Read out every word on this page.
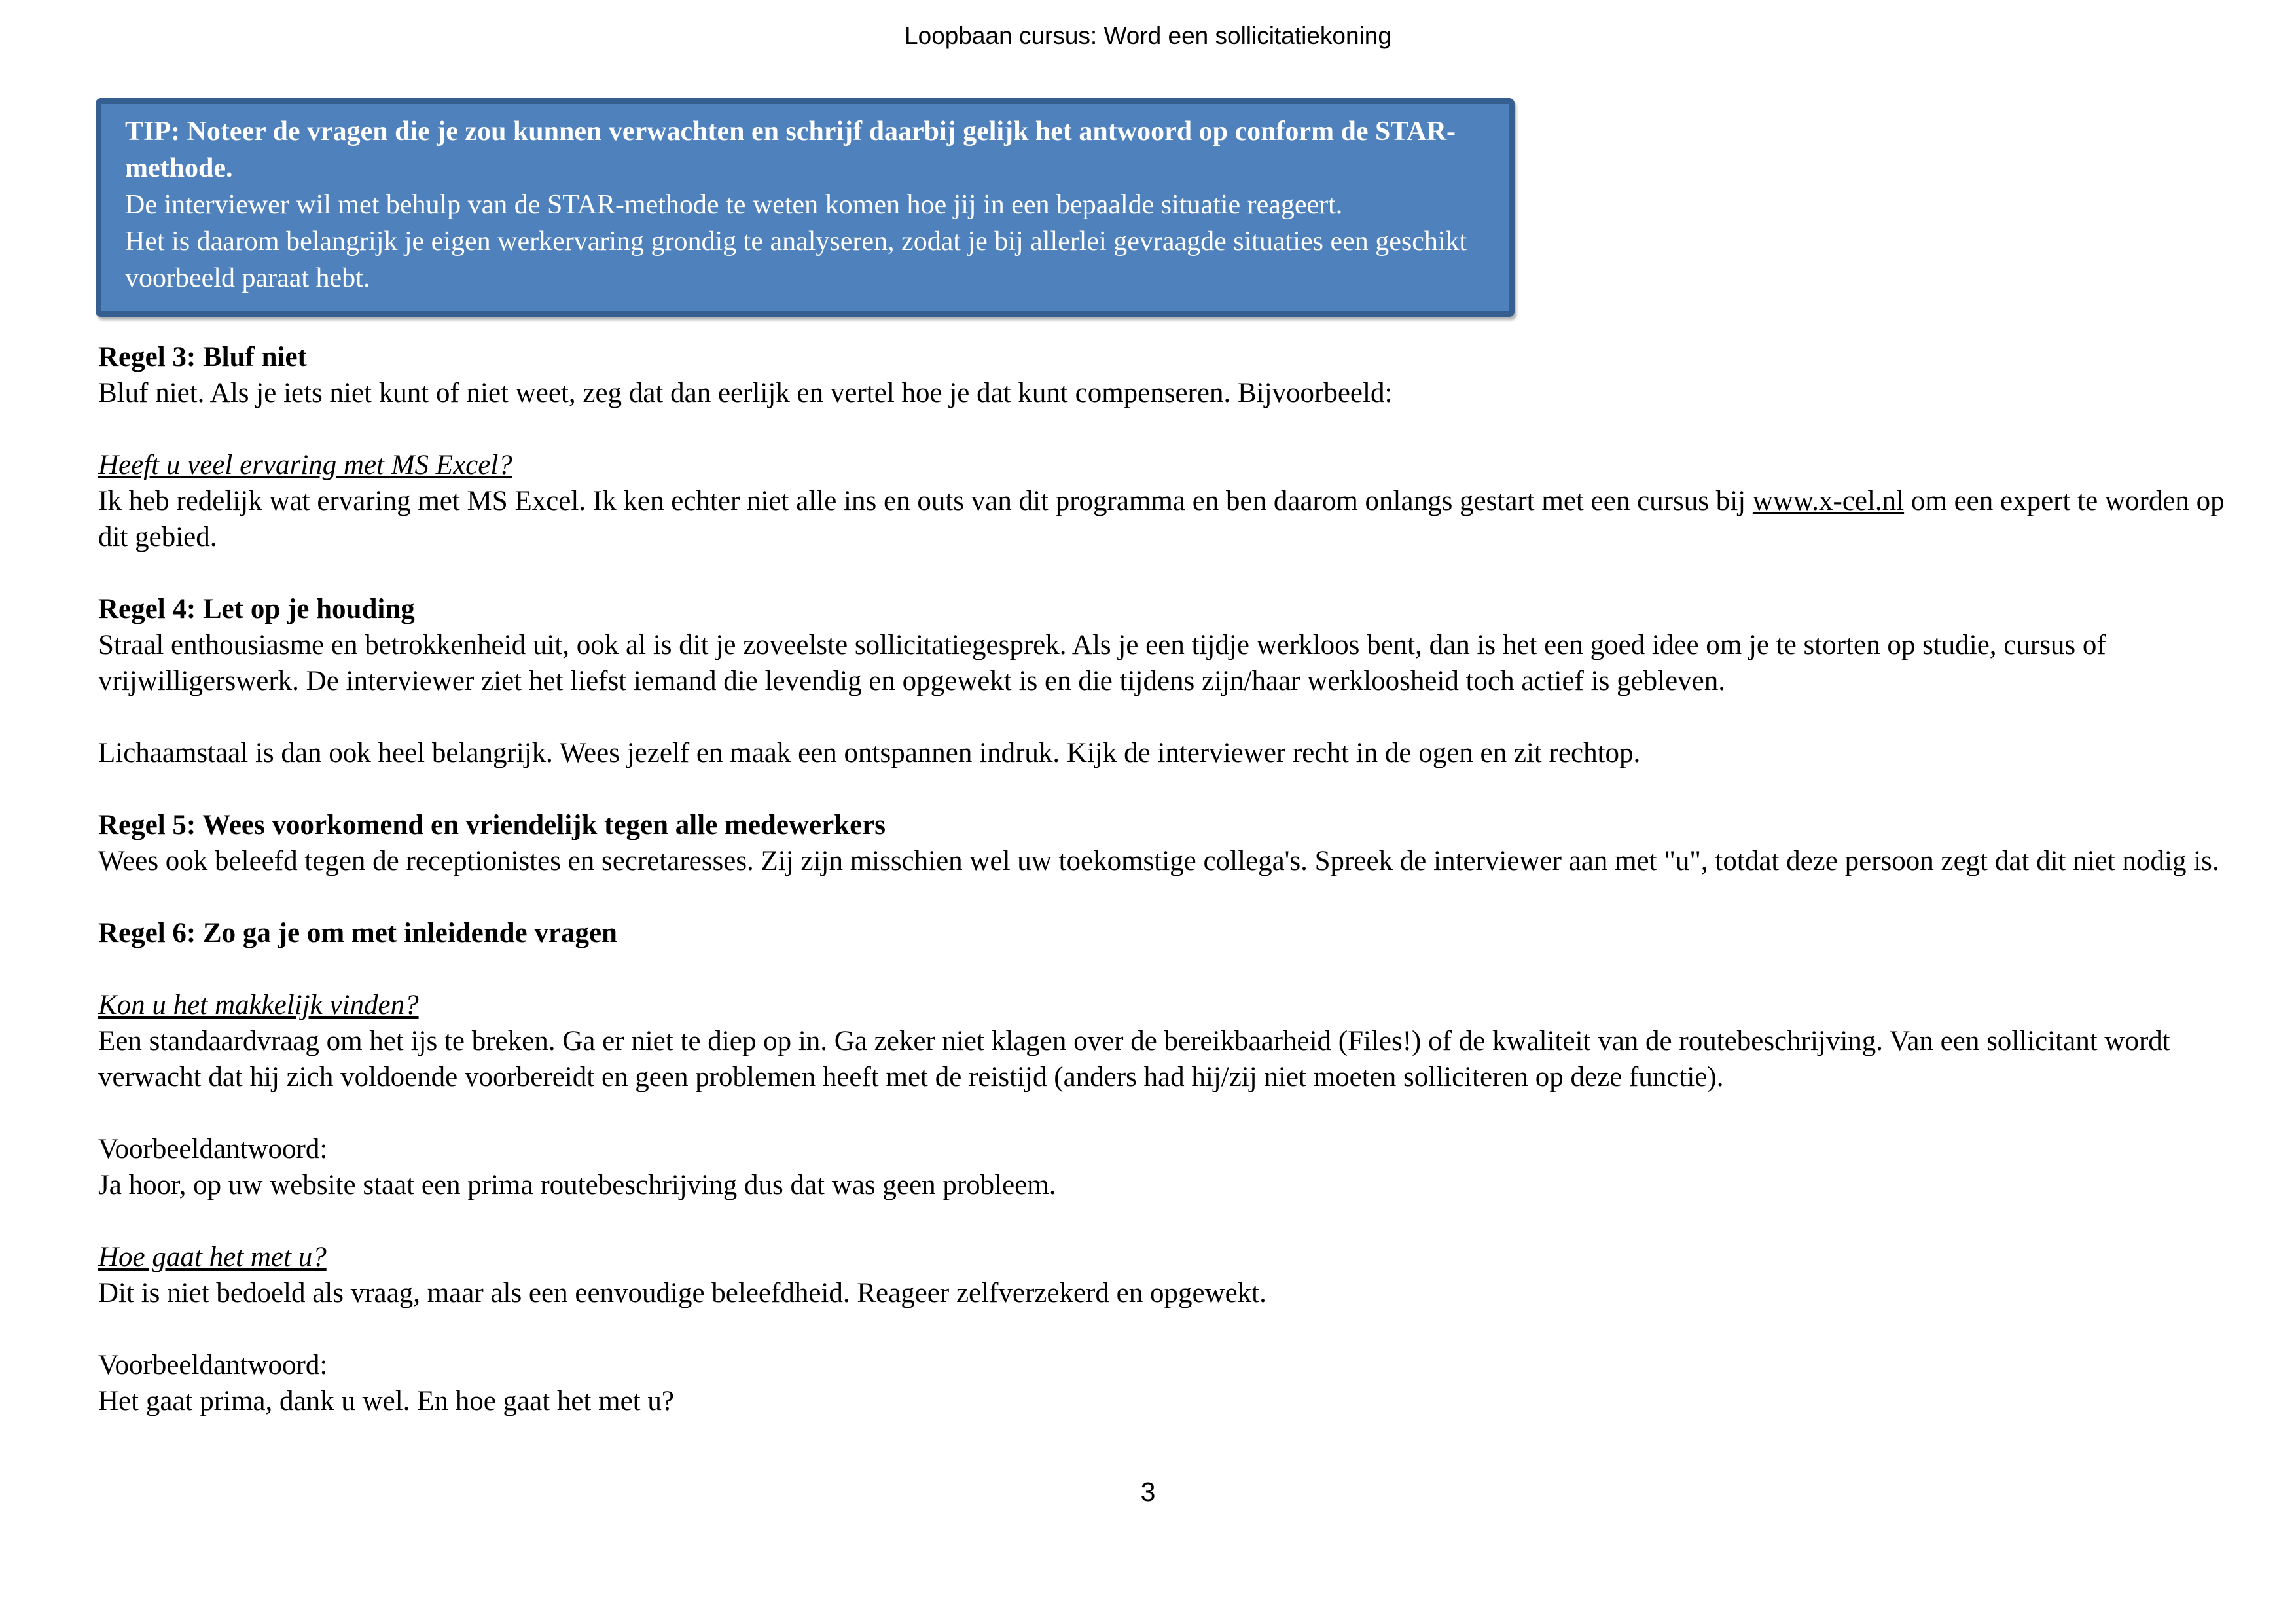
Loopbaan cursus: Word een sollicitatiekoning
TIP: Noteer de vragen die je zou kunnen verwachten en schrijf daarbij gelijk het antwoord op conform de STAR-methode.
De interviewer wil met behulp van de STAR-methode te weten komen hoe jij in een bepaalde situatie reageert.
Het is daarom belangrijk je eigen werkervaring grondig te analyseren, zodat je bij allerlei gevraagde situaties een geschikt voorbeeld paraat hebt.
Regel 3: Bluf niet
Bluf niet. Als je iets niet kunt of niet weet, zeg dat dan eerlijk en vertel hoe je dat kunt compenseren. Bijvoorbeeld:
Heeft u veel ervaring met MS Excel?
Ik heb redelijk wat ervaring met MS Excel. Ik ken echter niet alle ins en outs van dit programma en ben daarom onlangs gestart met een cursus bij www.x-cel.nl om een expert te worden op dit gebied.
Regel 4: Let op je houding
Straal enthousiasme en betrokkenheid uit, ook al is dit je zoveelste sollicitatiegesprek. Als je een tijdje werkloos bent, dan is het een goed idee om je te storten op studie, cursus of vrijwilligerswerk. De interviewer ziet het liefst iemand die levendig en opgewekt is en die tijdens zijn/haar werkloosheid toch actief is gebleven.
Lichaamstaal is dan ook heel belangrijk. Wees jezelf en maak een ontspannen indruk. Kijk de interviewer recht in de ogen en zit rechtop.
Regel 5: Wees voorkomend en vriendelijk tegen alle medewerkers
Wees ook beleefd tegen de receptionistes en secretaresses. Zij zijn misschien wel uw toekomstige collega's. Spreek de interviewer aan met "u", totdat deze persoon zegt dat dit niet nodig is.
Regel 6: Zo ga je om met inleidende vragen
Kon u het makkelijk vinden?
Een standaardvraag om het ijs te breken. Ga er niet te diep op in. Ga zeker niet klagen over de bereikbaarheid (Files!) of de kwaliteit van de routebeschrijving. Van een sollicitant wordt verwacht dat hij zich voldoende voorbereidt en geen problemen heeft met de reistijd (anders had hij/zij niet moeten solliciteren op deze functie).
Voorbeeldantwoord:
Ja hoor, op uw website staat een prima routebeschrijving dus dat was geen probleem.
Hoe gaat het met u?
Dit is niet bedoeld als vraag, maar als een eenvoudige beleefdheid. Reageer zelfverzekerd en opgewekt.
Voorbeeldantwoord:
Het gaat prima, dank u wel. En hoe gaat het met u?
3
